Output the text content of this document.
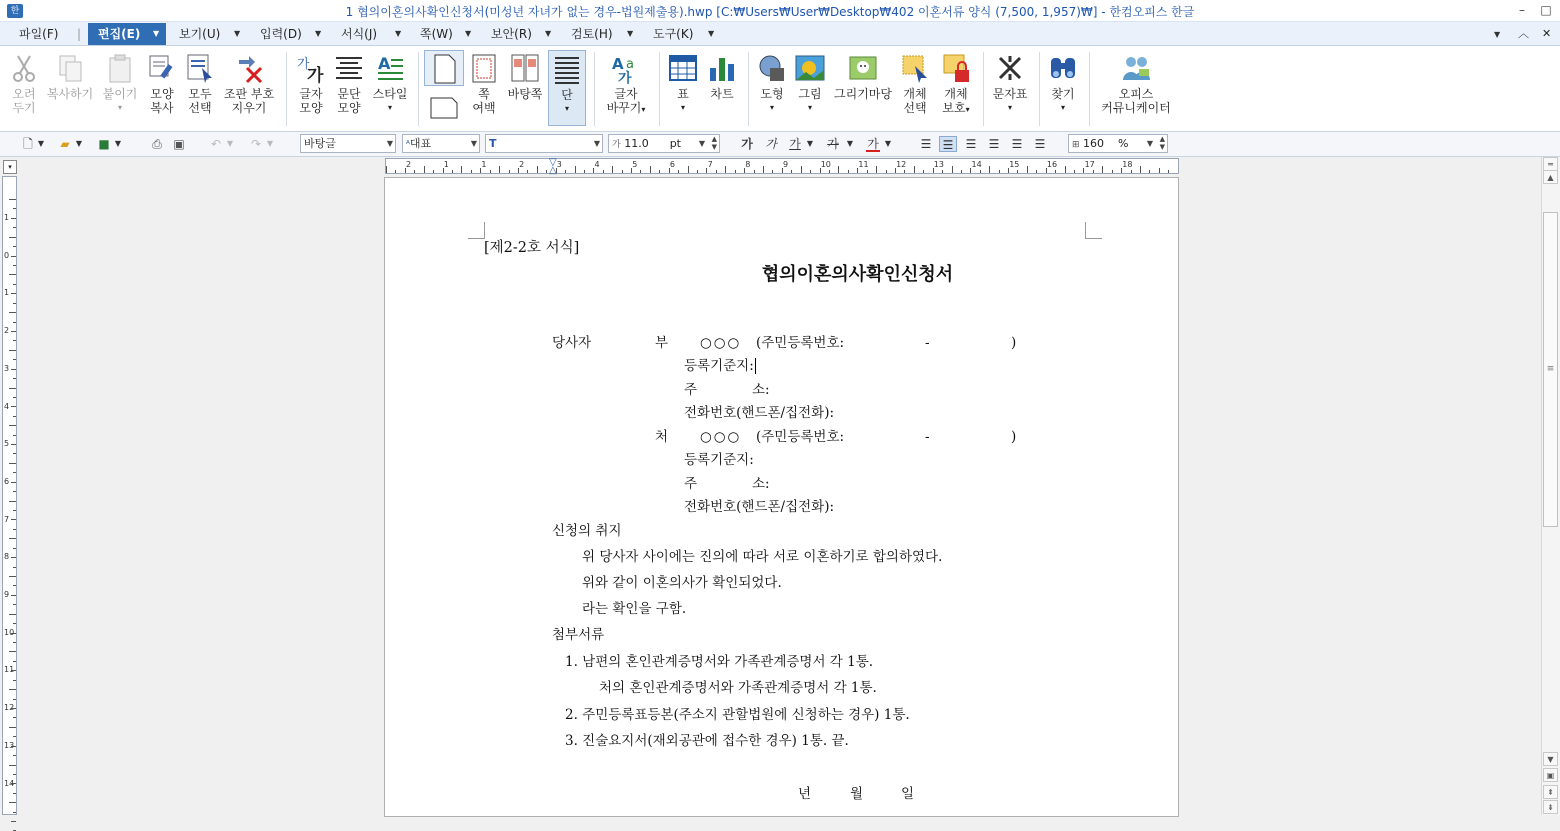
한	1 협의이혼의사확인신청서(미성년 자녀가 없는 경우-법원제출용).hwp [C:₩Users₩User₩Desktop₩402 이혼서류 양식 (7,500, 1,957)₩] - 한컴오피스 한글	–	□
파일(F) | 편집(E) ▼ 보기(U) ▼ 입력(D) ▼ 서식(J) ▼ 쪽(W) ▼ 보안(R) ▼ 검토(H) ▼ 도구(K) ▼	▼ ︿ ✕
오려
두기
복사하기 붙이기
▾
모양
복사
모두
선택
조판 부호
지우기
가
가
글자
모양
문단
모양
A
스타일
▾
쪽
여백
바탕쪽	단
▾
A a
가
글자
바꾸기▾
표
▾
차트	도형
▾
그림
▾
그리기마당 개체
선택
개체
보호▾
문자표
▾
찾기
▾
오피스
커뮤니케이터
🗋 ▼	▰ ▼ ■ ▼	⎙ ▣ ↶ ▼ ↷ ▼	바탕글	▼	ᴬ대표	▼	T	▼	가 11.0 pt ▼ ▲
▼ 가 가 가 ▼ 가 ▼ 가 ▼ ☰ ☰	☰ ☰ ☰ ☰	⊞ 160 % ▼ ▲
▼
▾	2	1	1	2	3	4	5	6	7	8	9	10	11	12	13	14	15	16	17	18
▽
△
1
0
1
2
3
4
5
6
7
8
9
10
11
12
13
14
[제2-2호 서식]
협의이혼의사확인신청서
당사자	부 ○○○ (주민등록번호:	-	)
등록기준지:
주	소:
전화번호(핸드폰/집전화):
처 ○○○ (주민등록번호:	-	)
등록기준지:
주	소:
전화번호(핸드폰/집전화):
신청의 취지
위 당사자 사이에는 진의에 따라 서로 이혼하기로 합의하였다.
위와 같이 이혼의사가 확인되었다.
라는 확인을 구함.
첨부서류
1. 남편의 혼인관계증명서와 가족관계증명서 각 1통.
처의 혼인관계증명서와 가족관계증명서 각 1통.
2. 주민등록표등본(주소지 관할법원에 신청하는 경우) 1통.
3. 진술요지서(재외공관에 접수한 경우) 1통. 끝.
년	월	일
═
▲
≡
▼
▣
⇞
⇟
